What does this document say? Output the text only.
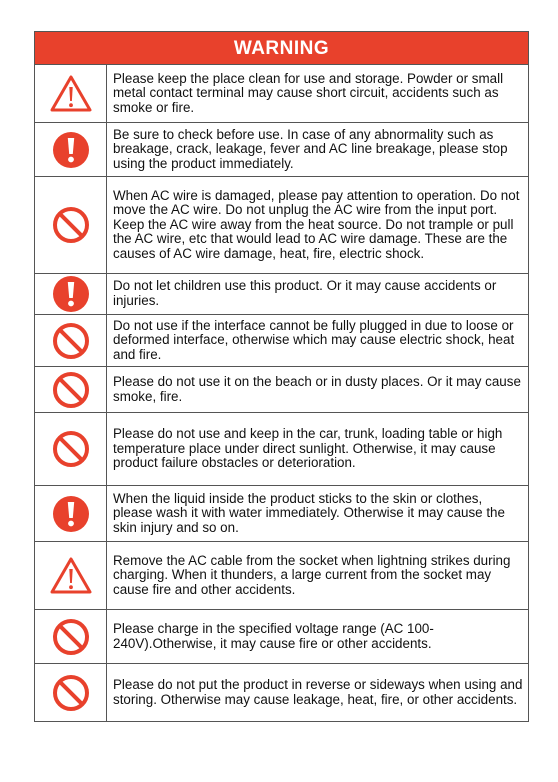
WARNING
	Please keep the place clean for use and storage. Powder or small metal contact terminal may cause short circuit, accidents such as smoke or fire.

	Be sure to check before use. In case of any abnormality such as breakage, crack, leakage, fever and AC line breakage, please stop using the product immediately.

	When AC wire is damaged, please pay attention to operation. Do not move the AC wire. Do not unplug the AC wire from the input port. Keep the AC wire away from the heat source. Do not trample or pull the AC wire, etc that would lead to AC wire damage. These are the causes of AC wire damage, heat, fire, electric shock.

	Do not let children use this product. Or it may cause accidents or injuries.

	Do not use if the interface cannot be fully plugged in due to loose or deformed interface, otherwise which may cause electric shock, heat and fire.

	Please do not use it on the beach or in dusty places. Or it may cause smoke, fire.

	Please do not use and keep in the car, trunk, loading table or high temperature place under direct sunlight. Otherwise, it may cause product failure obstacles or deterioration.

	When the liquid inside the product sticks to the skin or clothes, please wash it with water immediately. Otherwise it may cause the skin injury and so on.

	Remove the AC cable from the socket when lightning strikes during charging. When it thunders, a large current from the socket may cause fire and other accidents.

	Please charge in the specified voltage range (AC 100-240V).Otherwise, it may cause fire or other accidents.

	Please do not put the product in reverse or sideways when using and storing. Otherwise may cause leakage, heat, fire, or other accidents.
